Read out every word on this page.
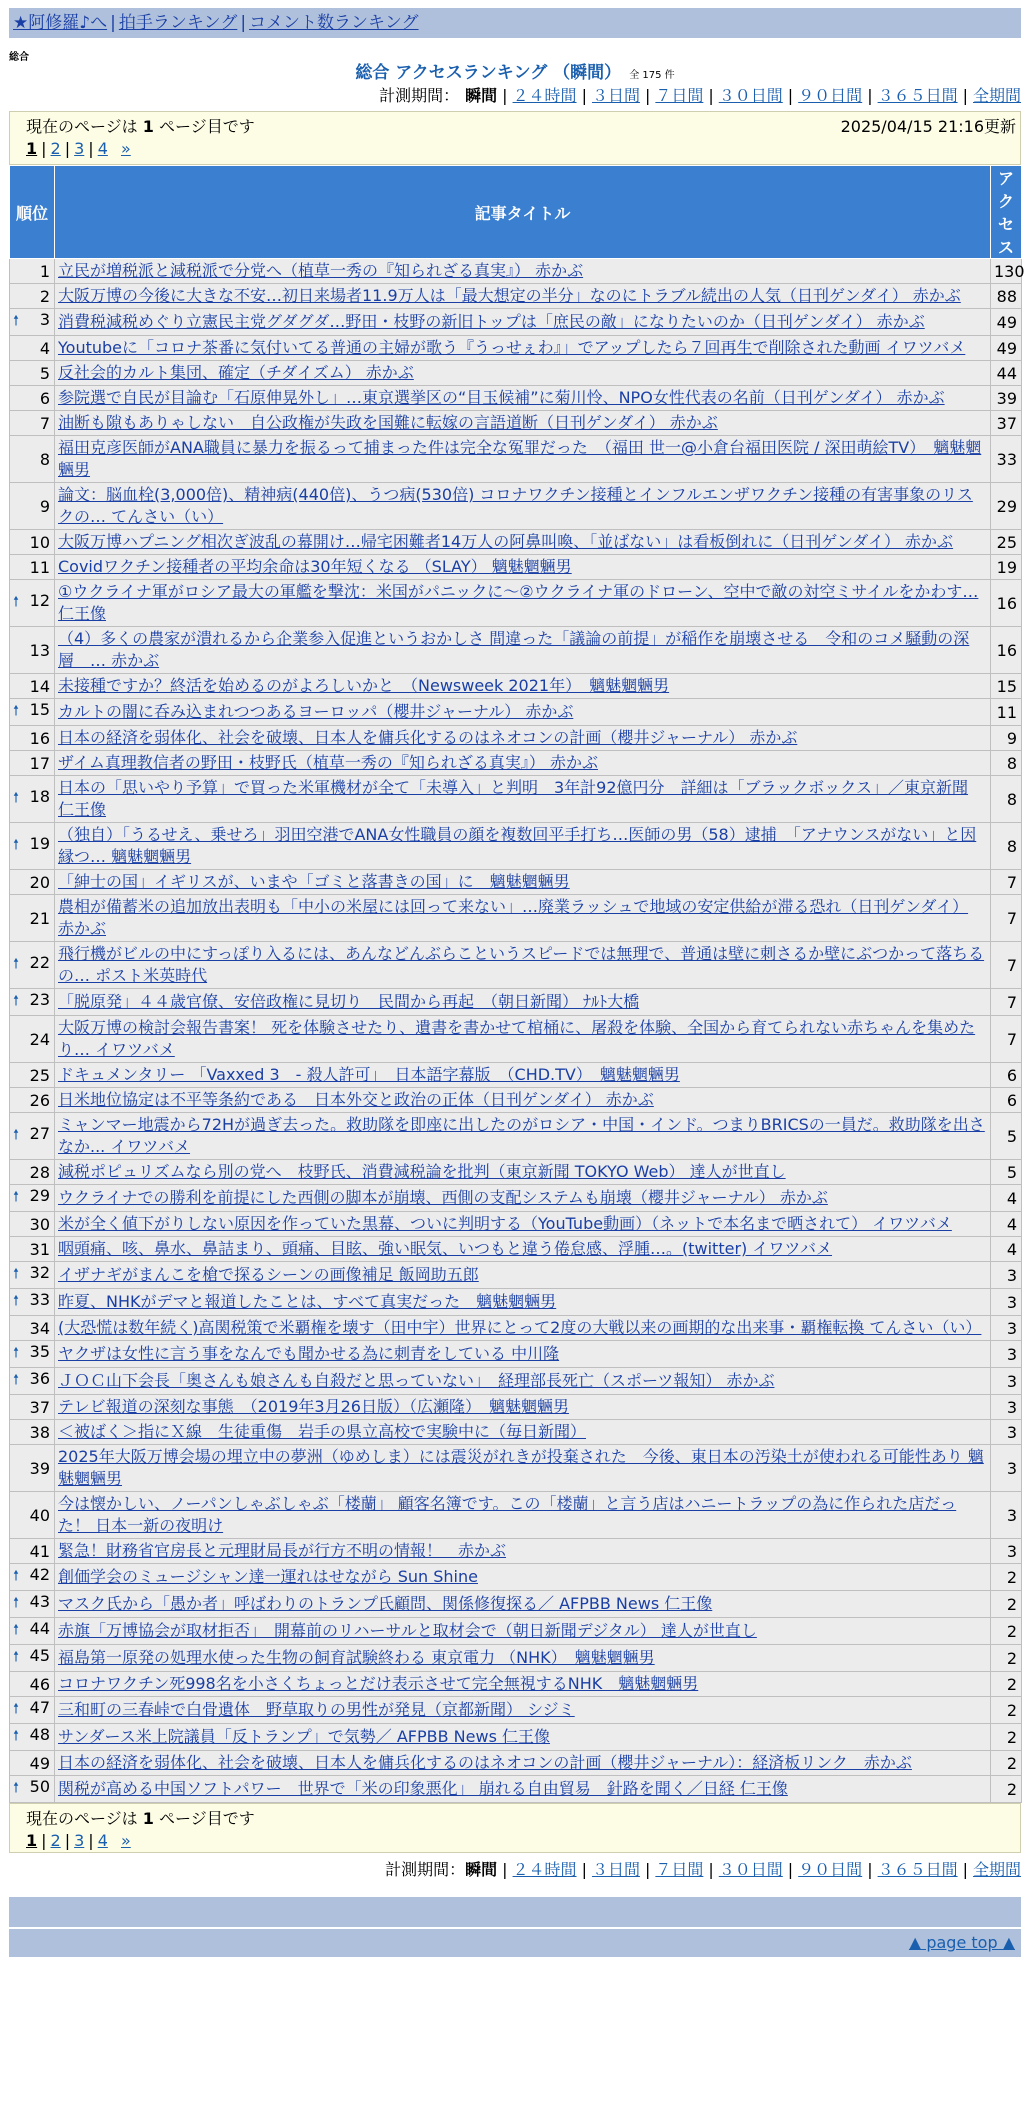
★阿修羅♪へ | 拍手ランキング | コメント数ランキング
総合
総合 アクセスランキング （瞬間） 全 175 件
計測期間： 瞬間 | ２４時間 | ３日間 | ７日間 | ３０日間 | ９０日間 | ３６５日間 | 全期間
現在のページは 1 ページ目です	2025/04/15 21:16更新
1 | 2 | 3 | 4 »
順位	記事タイトル	アクセス
1	立民が増税派と減税派で分党へ（植草一秀の『知られざる真実』） 赤かぶ	130
2	大阪万博の今後に大きな不安…初日来場者11.9万人は「最大想定の半分」なのにトラブル続出の人気（日刊ゲンダイ） 赤かぶ	88

🠕 3	消費税減税めぐり立憲民主党グダグダ…野田・枝野の新旧トップは「庶民の敵」になりたいのか（日刊ゲンダイ） 赤かぶ	49
4	Youtubeに「コロナ茶番に気付いてる普通の主婦が歌う『うっせぇわ』」でアップしたら７回再生で削除された動画 イワツバメ	49
5	反社会的カルト集団、確定（チダイズム） 赤かぶ	44
6	参院選で自民が目論む「石原伸晃外し」…東京選挙区の“目玉候補”に菊川怜、NPO女性代表の名前（日刊ゲンダイ） 赤かぶ	39
7	油断も隙もありゃしない　自公政権が失政を国難に転嫁の言語道断（日刊ゲンダイ） 赤かぶ	37
8	福田克彦医師がANA職員に暴力を振るって捕まった件は完全な冤罪だった　（福田 世一@小倉台福田医院 / 深田萌絵TV）　魑魅魍魎男	33
9	論文：脳血栓(3,000倍)、精神病(440倍)、うつ病(530倍) コロナワクチン接種とインフルエンザワクチン接種の有害事象のリスクの… てんさい（い）	29
10	大阪万博ハプニング相次ぎ波乱の幕開け…帰宅困難者14万人の阿鼻叫喚、「並ばない」は看板倒れに（日刊ゲンダイ） 赤かぶ	25
11	Covidワクチン接種者の平均余命は30年短くなる （SLAY） 魑魅魍魎男	19

🠕 12	①ウクライナ軍がロシア最大の軍艦を撃沈：米国がパニックに～②ウクライナ軍のドローン、空中で敵の対空ミサイルをかわす… 仁王像	16
13	（4）多くの農家が潰れるから企業参入促進というおかしさ 間違った「議論の前提」が稲作を崩壊させる　令和のコメ騒動の深層　… 赤かぶ	16
14	未接種ですか？終活を始めるのがよろしいかと　（Newsweek 2021年）　魑魅魍魎男	15

🠕 15	カルトの闇に呑み込まれつつあるヨーロッパ（櫻井ジャーナル） 赤かぶ	11
16	日本の経済を弱体化、社会を破壊、日本人を傭兵化するのはネオコンの計画（櫻井ジャーナル） 赤かぶ	9
17	ザイム真理教信者の野田・枝野氏（植草一秀の『知られざる真実』） 赤かぶ	8

🠕 18	日本の「思いやり予算」で買った米軍機材が全て「未導入」と判明　3年計92億円分　詳細は「ブラックボックス」／東京新聞 仁王像	8

🠕 19	（独自）「うるせえ、乗せろ」羽田空港でANA女性職員の顔を複数回平手打ち…医師の男（58）逮捕　「アナウンスがない」と因縁つ… 魑魅魍魎男	8
20	「紳士の国」イギリスが、いまや「ゴミと落書きの国」に　魑魅魍魎男	7
21	農相が備蓄米の追加放出表明も「中小の米屋には回って来ない」…廃業ラッシュで地域の安定供給が滞る恐れ（日刊ゲンダイ） 赤かぶ	7

🠕 22	飛行機がビルの中にすっぽり入るには、あんなどんぶらこというスピードでは無理で、普通は壁に刺さるか壁にぶつかって落ちるの… ポスト米英時代	7

🠕 23	「脱原発」４４歳官僚、安倍政権に見切り　民間から再起　（朝日新聞） ﾅﾙﾄ大橋	7
24	大阪万博の検討会報告書案！ 死を体験させたり、遺書を書かせて棺桶に、屠殺を体験、全国から育てられない赤ちゃんを集めたり… イワツバメ	7
25	ドキュメンタリー 「Vaxxed 3　- 殺人許可」　日本語字幕版　（CHD.TV）　魑魅魍魎男	6
26	日米地位協定は不平等条約である　日本外交と政治の正体（日刊ゲンダイ） 赤かぶ	6

🠕 27	ミャンマー地震から72Hが過ぎ去った。救助隊を即座に出したのがロシア・中国・インド。つまりBRICSの一員だ。救助隊を出さなか... イワツバメ	5
28	減税ポピュリズムなら別の党へ　枝野氏、消費減税論を批判（東京新聞 TOKYO Web） 達人が世直し	5

🠕 29	ウクライナでの勝利を前提にした西側の脚本が崩壊、西側の支配システムも崩壊（櫻井ジャーナル） 赤かぶ	4
30	米が全く値下がりしない原因を作っていた黒幕、ついに判明する（YouTube動画）（ネットで本名まで晒されて） イワツバメ	4
31	咽頭痛、咳、鼻水、鼻詰まり、頭痛、目眩、強い眠気、いつもと違う倦怠感、浮腫…。(twitter) イワツバメ	4

🠕 32	イザナギがまんこを槍で探るシーンの画像補足 飯岡助五郎	3

🠕 33	昨夏、NHKがデマと報道したことは、すべて真実だった　魑魅魍魎男	3
34	(大恐慌は数年続く)高関税策で米覇権を壊す（田中宇）世界にとって2度の大戦以来の画期的な出来事・覇権転換 てんさい（い）	3

🠕 35	ヤクザは女性に言う事をなんでも聞かせる為に刺青をしている 中川隆	3

🠕 36	ＪＯＣ山下会長「奥さんも娘さんも自殺だと思っていない」　経理部長死亡（スポーツ報知） 赤かぶ	3
37	テレビ報道の深刻な事態　（2019年3月26日版）（広瀬隆）　魑魅魍魎男	3
38	＜被ばく＞指にＸ線　生徒重傷　岩手の県立高校で実験中に（毎日新聞）	3
39	2025年大阪万博会場の埋立中の夢洲（ゆめしま）には震災がれきが投棄された　今後、東日本の汚染土が使われる可能性あり 魑魅魍魎男	3
40	今は懐かしい、ノーパンしゃぶしゃぶ「楼蘭」 顧客名簿です。この「楼蘭」と言う店はハニートラップの為に作られた店だった！ 日本一新の夜明け	3
41	緊急！財務省官房長と元理財局長が行方不明の情報！　赤かぶ	3

🠕 42	創価学会のミュージシャン達一運れはせながら Sun Shine	2

🠕 43	マスク氏から「愚か者」呼ばわりのトランプ氏顧問、関係修復探る／ AFPBB News 仁王像	2

🠕 44	赤旗「万博協会が取材拒否」　開幕前のリハーサルと取材会で（朝日新聞デジタル） 達人が世直し	2

🠕 45	福島第一原発の処理水使った生物の飼育試験終わる 東京電力 （NHK）　魑魅魍魎男	2
46	コロナワクチン死998名を小さくちょっとだけ表示させて完全無視するNHK　魑魅魍魎男	2

🠕 47	三和町の三春峠で白骨遺体　野草取りの男性が発見（京都新聞） シジミ	2

🠕 48	サンダース米上院議員「反トランプ」で気勢／ AFPBB News 仁王像	2
49	日本の経済を弱体化、社会を破壊、日本人を傭兵化するのはネオコンの計画（櫻井ジャーナル）：経済板リンク　赤かぶ	2

🠕 50	関税が高める中国ソフトパワー　世界で「米の印象悪化」 崩れる自由貿易　針路を聞く／日経 仁王像	2
現在のページは 1 ページ目です
1 | 2 | 3 | 4 »
計測期間：瞬間 | ２４時間 | ３日間 | ７日間 | ３０日間 | ９０日間 | ３６５日間 | 全期間
▲ page top ▲
